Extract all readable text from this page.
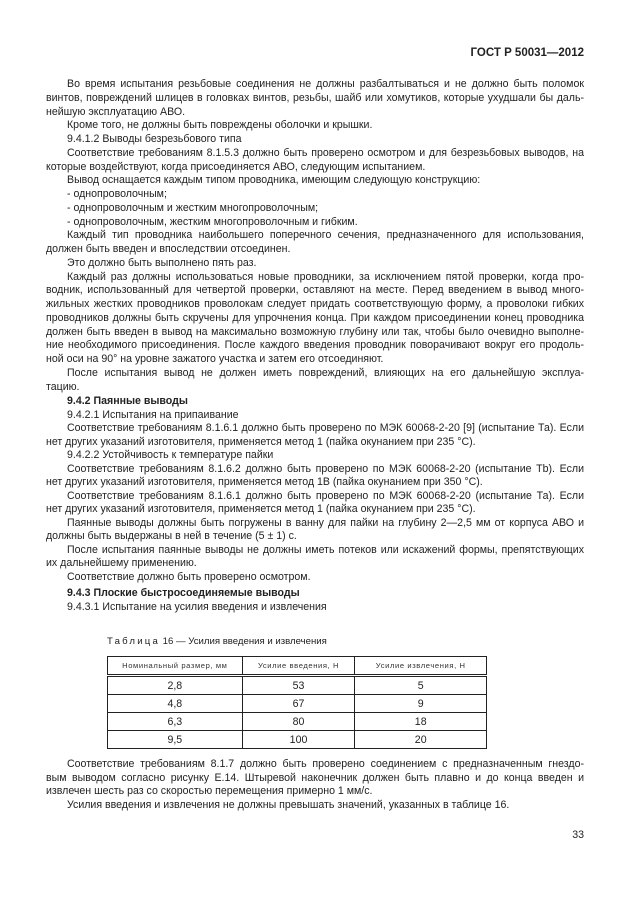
ГОСТ Р 50031—2012
Во время испытания резьбовые соединения не должны разбалтываться и не должно быть поломок
винтов, повреждений шлицев в головках винтов, резьбы, шайб или хомутиков, которые ухудшали бы даль-
нейшую эксплуатацию АВО.
Кроме того, не должны быть повреждены оболочки и крышки.
9.4.1.2 Выводы безрезьбового типа
Соответствие требованиям 8.1.5.3 должно быть проверено осмотром и для безрезьбовых выводов, на
которые воздействуют, когда присоединяется АВО, следующим испытанием.
Вывод оснащается каждым типом проводника, имеющим следующую конструкцию:
- однопроволочным;
- однопроволочным и жестким многопроволочным;
- однопроволочным, жестким многопроволочным и гибким.
Каждый тип проводника наибольшего поперечного сечения, предназначенного для использования,
должен быть введен и впоследствии отсоединен.
Это должно быть выполнено пять раз.
Каждый раз должны использоваться новые проводники, за исключением пятой проверки, когда про-
водник, использованный для четвертой проверки, оставляют на месте. Перед введением в вывод много-
жильных жестких проводников проволокам следует придать соответствующую форму, а проволоки гибких
проводников должны быть скручены для упрочнения конца. При каждом присоединении конец проводника
должен быть введен в вывод на максимально возможную глубину или так, чтобы было очевидно выполне-
ние необходимого присоединения. После каждого введения проводник поворачивают вокруг его продоль-
ной оси на 90° на уровне зажатого участка и затем его отсоединяют.
После испытания вывод не должен иметь повреждений, влияющих на его дальнейшую эксплуа-
тацию.
9.4.2 Паянные выводы
9.4.2.1 Испытания на припаивание
Соответствие требованиям 8.1.6.1 должно быть проверено по МЭК 60068-2-20 [9] (испытание Та). Если
нет других указаний изготовителя, применяется метод 1 (пайка окунанием при 235 °С).
9.4.2.2 Устойчивость к температуре пайки
Соответствие требованиям 8.1.6.2 должно быть проверено по МЭК 60068-2-20 (испытание Tb). Если
нет других указаний изготовителя, применяется метод 1В (пайка окунанием при 350 °С).
Соответствие требованиям 8.1.6.1 должно быть проверено по МЭК 60068-2-20 (испытание Та). Если
нет других указаний изготовителя, применяется метод 1 (пайка окунанием при 235 °С).
Паянные выводы должны быть погружены в ванну для пайки на глубину 2—2,5 мм от корпуса АВО и
должны быть выдержаны в ней в течение (5 ± 1) с.
После испытания паянные выводы не должны иметь потеков или искажений формы, препятствующих
их дальнейшему применению.
Соответствие должно быть проверено осмотром.
9.4.3 Плоские быстросоединяемые выводы
9.4.3.1 Испытание на усилия введения и извлечения
Таблица 16 — Усилия введения и извлечения
Номинальный размер, мм	Усилие введения, Н	Усилие извлечения, Н
2,8	53	5
4,8	67	9
6,3	80	18
9,5	100	20
Соответствие требованиям 8.1.7 должно быть проверено соединением с предназначенным гнездо-
вым выводом согласно рисунку Е.14. Штыревой наконечник должен быть плавно и до конца введен и
извлечен шесть раз со скоростью перемещения примерно 1 мм/с.
Усилия введения и извлечения не должны превышать значений, указанных в таблице 16.
33
